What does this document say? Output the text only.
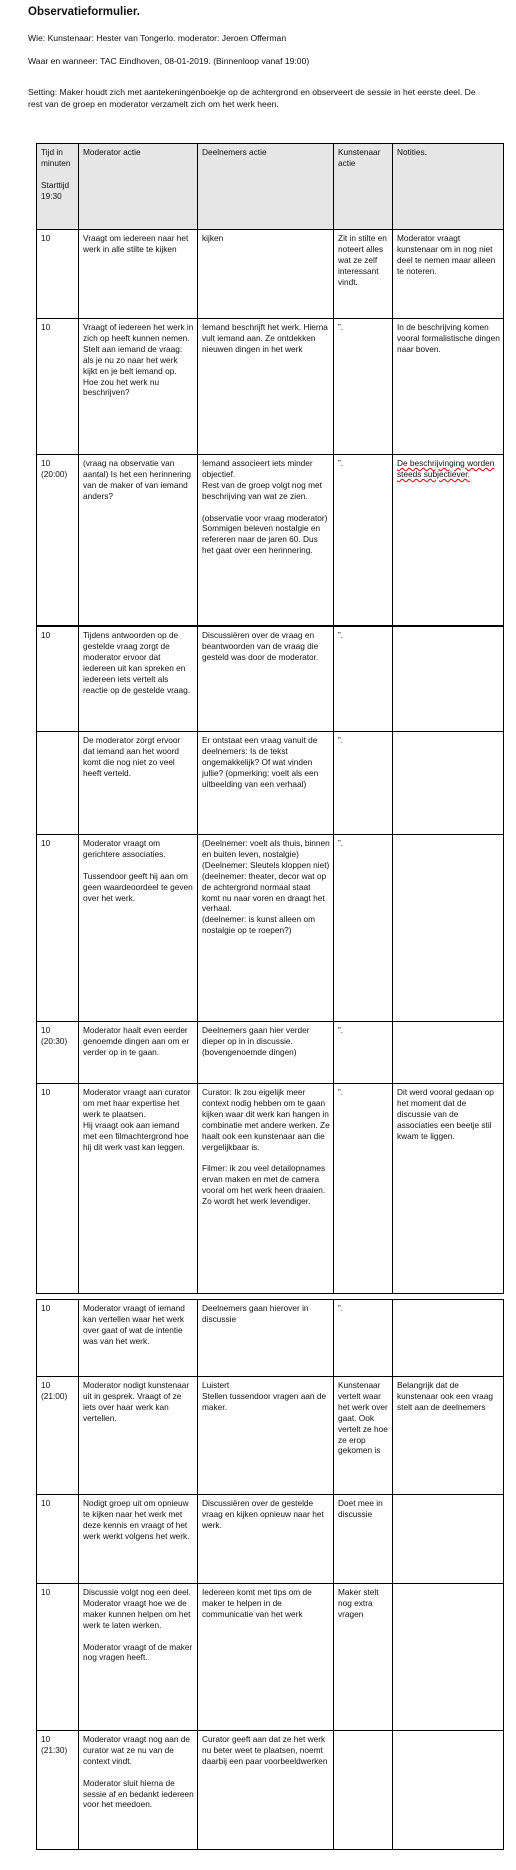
Observatieformulier.
Wie: Kunstenaar: Hester van Tongerlo. moderator: Jeroen Offerman
Waar en wanneer: TAC Eindhoven, 08-01-2019. (Binnenloop vanaf 19:00)
Setting: Maker houdt zich met aantekeningenboekje op de achtergrond en observeert de sessie in het eerste deel. De rest van de groep en moderator verzamelt zich om het werk heen.
Tijd in minuten

Starttijd 19:30	Moderator actie	Deelnemers actie	Kunstenaar actie	Notities.
10	Vraagt om iedereen naar het werk in alle stilte te kijken	kijken	Zit in stilte en noteert alles wat ze zelf interessant vindt.	Moderator vraagt kunstenaar om in nog niet deel te nemen maar alleen te noteren.
10	Vraagt of iedereen het werk in zich op heeft kunnen nemen. Stelt aan iemand de vraag: als je nu zo naar het werk kijkt en je belt iemand op. Hoe zou het werk nu beschrijven?	Iemand beschrijft het werk. Hierna vult iemand aan. Ze ontdekken nieuwen dingen in het werk	”.	In de beschrijving komen vooral formalistische dingen naar boven.
10
(20:00)	(vraag na observatie van aantal) Is het een herinnering van de maker of van iemand anders?	Iemand associeert iets minder objectief.
Rest van de groep volgt nog met beschrijving van wat ze zien.

(observatie voor vraag moderator)
Sommigen beleven nostalgie en refereren naar de jaren 60. Dus het gaat over een herinnering.	”.	De beschrijvinging worden steeds subjectiever.
10	Tijdens antwoorden op de gestelde vraag zorgt de moderator ervoor dat iedereen uit kan spreken en iedereen iets vertelt als reactie op de gestelde vraag.	Discussiëren over de vraag en beantwoorden van de vraag die gesteld was door de moderator.	”.	
	De moderator zorgt ervoor dat iemand aan het woord komt die nog niet zo veel heeft verteld.	Er ontstaat een vraag vanuit de deelnemers: Is de tekst ongemakkelijk? Of wat vinden jullie? (opmerking: voelt als een uitbeelding van een verhaal)	”.	
10	Moderator vraagt om gerichtere associaties.

Tussendoor geeft hij aan om geen waardeoordeel te geven over het werk.	(Deelnemer: voelt als thuis, binnen en buiten leven, nostalgie)
(Deelnemer: Sleutels kloppen niet)
(deelnemer: theater, decor wat op de achtergrond normaal staat komt nu naar voren en draagt het verhaal.
(deelnemer: is kunst alleen om nostalgie op te roepen?)	”.	
10
(20:30)	Moderator haalt even eerder genoemde dingen aan om er verder op in te gaan.	Deelnemers gaan hier verder dieper op in in discussie. (bovengenoemde dingen)	”.	
10	Moderator vraagt aan curator om met haar expertise het werk te plaatsen.
Hij vraagt ook aan iemand met een filmachtergrond hoe hij dit werk vast kan leggen.	Curator: Ik zou eigelijk meer context nodig hebben om te gaan kijken waar dit werk kan hangen in combinatie met andere werken. Ze haalt ook een kunstenaar aan die vergelijkbaar is.

Filmer: ik zou veel detailopnames ervan maken en met de camera vooral om het werk heen draaien. Zo wordt het werk levendiger.	”.	Dit werd vooral gedaan op het moment dat de discussie van de associaties een beetje stil kwam te liggen.
10	Moderator vraagt of iemand kan vertellen waar het werk over gaat of wat de intentie was van het werk.	Deelnemers gaan hierover in discussie	”.	
10
(21:00)	Moderator nodigt kunstenaar uit in gesprek. Vraagt of ze iets over haar werk kan vertellen.	Luistert
Stellen tussendoor vragen aan de maker.	Kunstenaar vertelt waar het werk over gaat. Ook vertelt ze hoe ze erop gekomen is	Belangrijk dat de kunstenaar ook een vraag stelt aan de deelnemers
10	Nodigt groep uit om opnieuw te kijken naar het werk met deze kennis en vraagt of het werk werkt volgens het werk.	Discussiëren over de gestelde vraag en kijken opnieuw naar het werk.	Doet mee in discussie	
10	Discussie volgt nog een deel.
Moderator vraagt hoe we de maker kunnen helpen om het werk te laten werken.

Moderator vraagt of de maker nog vragen heeft.	Iedereen komt met tips om de maker te helpen in de communicatie van het werk	Maker stelt nog extra vragen	
10
(21:30)	Moderator vraagt nog aan de curator wat ze nu van de context vindt.

Moderator sluit hierna de sessie af en bedankt iedereen voor het meedoen.	Curator geeft aan dat ze het werk nu beter weet te plaatsen, noemt daarbij een paar voorbeeldwerken		
